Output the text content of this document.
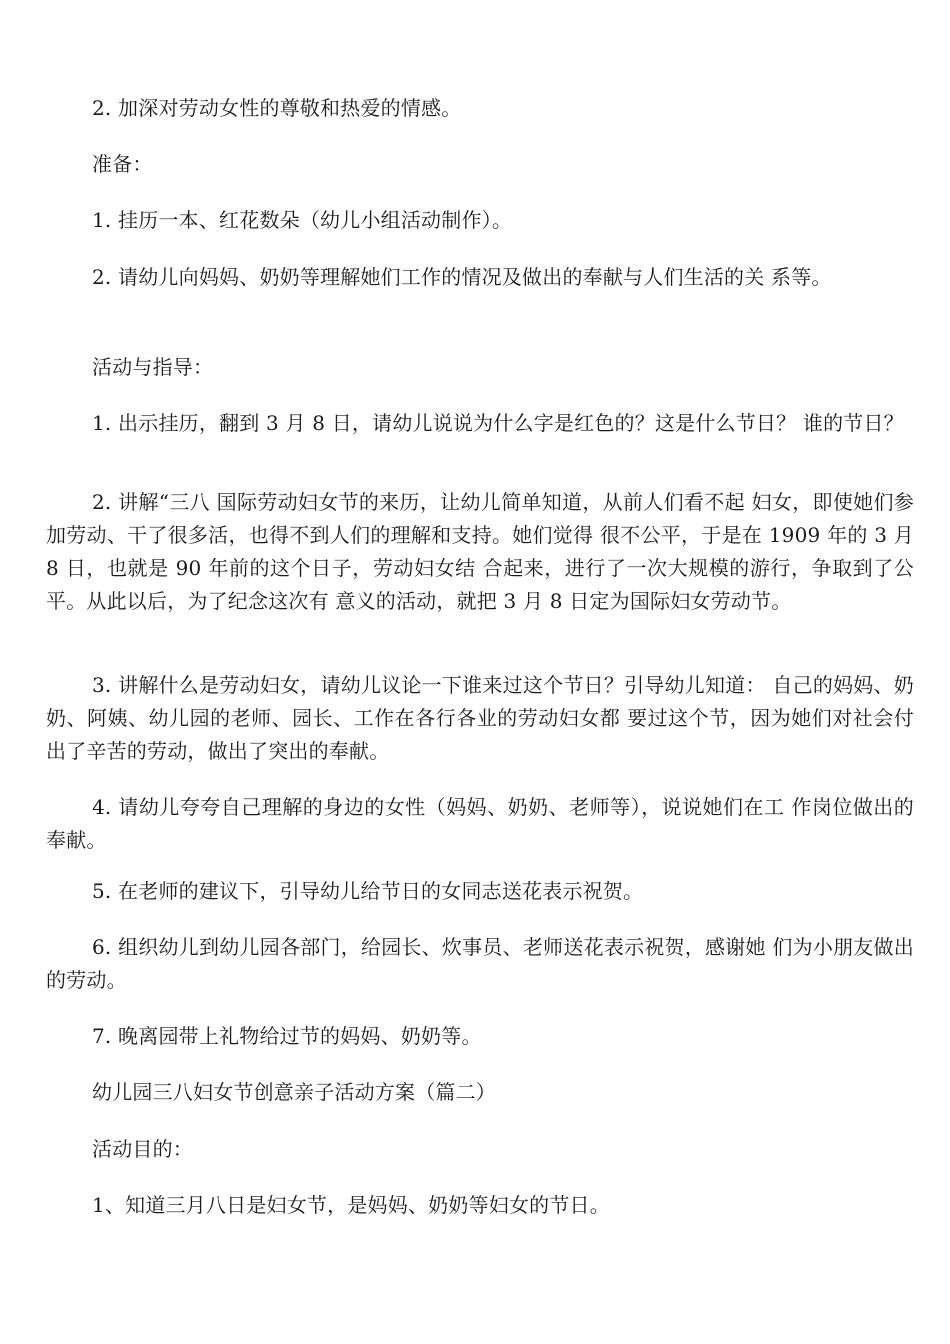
2. 加深对劳动女性的尊敬和热爱的情感。

准备：

1. 挂历一本、红花数朵（幼儿小组活动制作）。

2. 请幼儿向妈妈、奶奶等理解她们工作的情况及做出的奉献与人们生活的关 系等。

活动与指导：

1. 出示挂历，翻到 3 月 8 日，请幼儿说说为什么字是红色的？这是什么节日？ 谁的节日？

2. 讲解“三八 国际劳动妇女节的来历，让幼儿简单知道，从前人们看不起 妇女，即使她们参加劳动、干了很多活，也得不到人们的理解和支持。她们觉得 很不公平，于是在 1909 年的 3 月 8 日，也就是 90 年前的这个日子，劳动妇女结 合起来，进行了一次大规模的游行，争取到了公平。从此以后，为了纪念这次有 意义的活动，就把 3 月 8 日定为国际妇女劳动节。

3. 讲解什么是劳动妇女，请幼儿议论一下谁来过这个节日？引导幼儿知道： 自己的妈妈、奶奶、阿姨、幼儿园的老师、园长、工作在各行各业的劳动妇女都 要过这个节，因为她们对社会付出了辛苦的劳动，做出了突出的奉献。

4. 请幼儿夸夸自己理解的身边的女性（妈妈、奶奶、老师等），说说她们在工 作岗位做出的奉献。

5. 在老师的建议下，引导幼儿给节日的女同志送花表示祝贺。

6. 组织幼儿到幼儿园各部门，给园长、炊事员、老师送花表示祝贺，感谢她 们为小朋友做出的劳动。

7. 晚离园带上礼物给过节的妈妈、奶奶等。

幼儿园三八妇女节创意亲子活动方案（篇二）

活动目的：

1、知道三月八日是妇女节，是妈妈、奶奶等妇女的节日。
